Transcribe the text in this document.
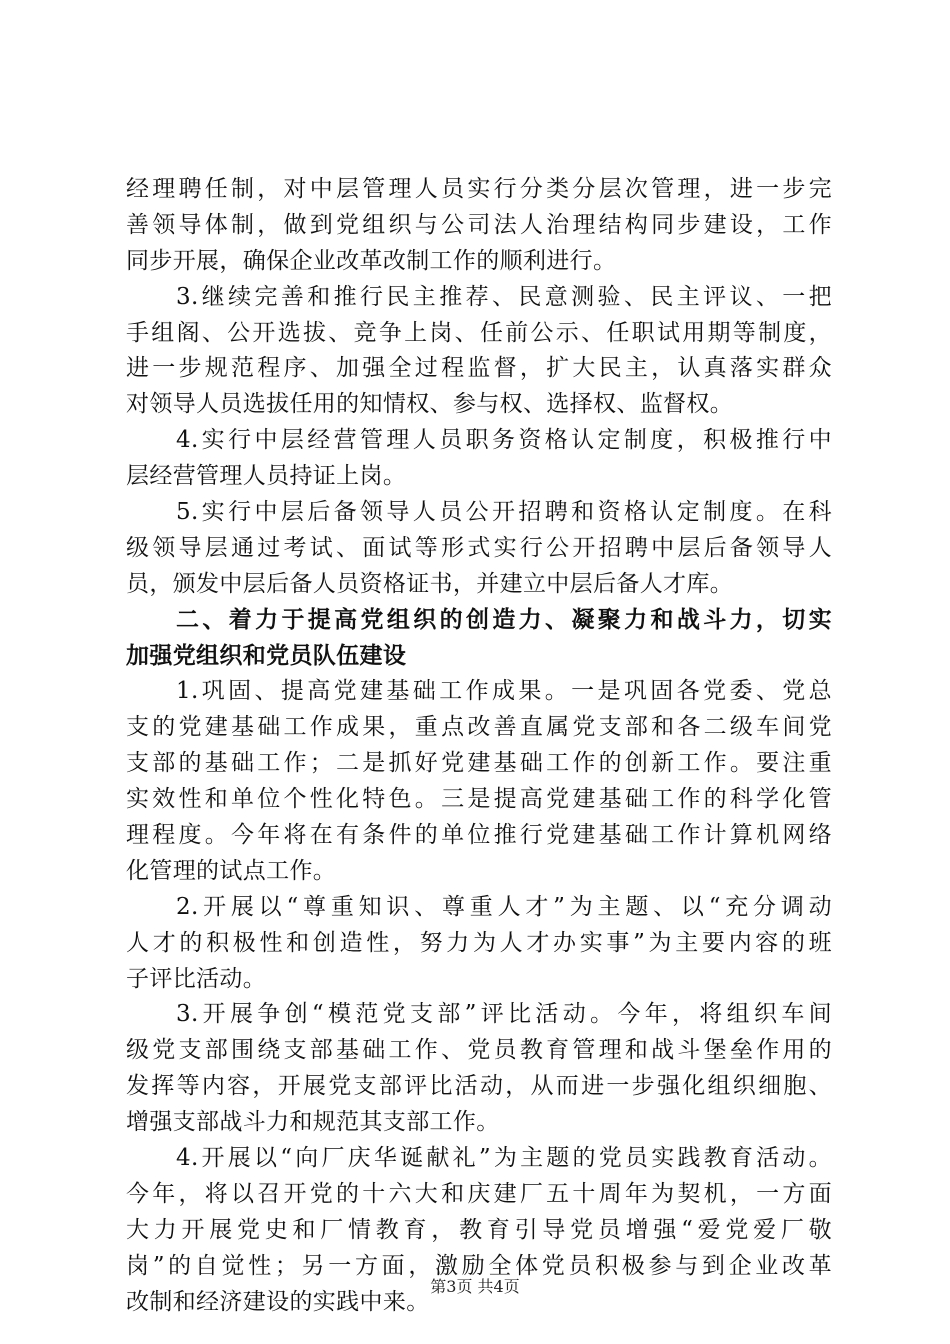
经理聘任制，对中层管理人员实行分类分层次管理，进一步完
善领导体制，做到党组织与公司法人治理结构同步建设，工作
同步开展，确保企业改革改制工作的顺利进行。
3.继续完善和推行民主推荐、民意测验、民主评议、一把
手组阁、公开选拔、竞争上岗、任前公示、任职试用期等制度，
进一步规范程序、加强全过程监督，扩大民主，认真落实群众
对领导人员选拔任用的知情权、参与权、选择权、监督权。
4.实行中层经营管理人员职务资格认定制度，积极推行中
层经营管理人员持证上岗。
5.实行中层后备领导人员公开招聘和资格认定制度。在科
级领导层通过考试、面试等形式实行公开招聘中层后备领导人
员，颁发中层后备人员资格证书，并建立中层后备人才库。
二、着力于提高党组织的创造力、凝聚力和战斗力，切实
加强党组织和党员队伍建设
1.巩固、提高党建基础工作成果。一是巩固各党委、党总
支的党建基础工作成果，重点改善直属党支部和各二级车间党
支部的基础工作；二是抓好党建基础工作的创新工作。要注重
实效性和单位个性化特色。三是提高党建基础工作的科学化管
理程度。今年将在有条件的单位推行党建基础工作计算机网络
化管理的试点工作。
2.开展以“尊重知识、尊重人才”为主题、以“充分调动
人才的积极性和创造性，努力为人才办实事”为主要内容的班
子评比活动。
3.开展争创“模范党支部”评比活动。今年，将组织车间
级党支部围绕支部基础工作、党员教育管理和战斗堡垒作用的
发挥等内容，开展党支部评比活动，从而进一步强化组织细胞、
增强支部战斗力和规范其支部工作。
4.开展以“向厂庆华诞献礼”为主题的党员实践教育活动。
今年，将以召开党的十六大和庆建厂五十周年为契机，一方面
大力开展党史和厂情教育，教育引导党员增强“爱党爱厂敬
岗”的自觉性；另一方面，激励全体党员积极参与到企业改革
改制和经济建设的实践中来。
第3页 共4页
